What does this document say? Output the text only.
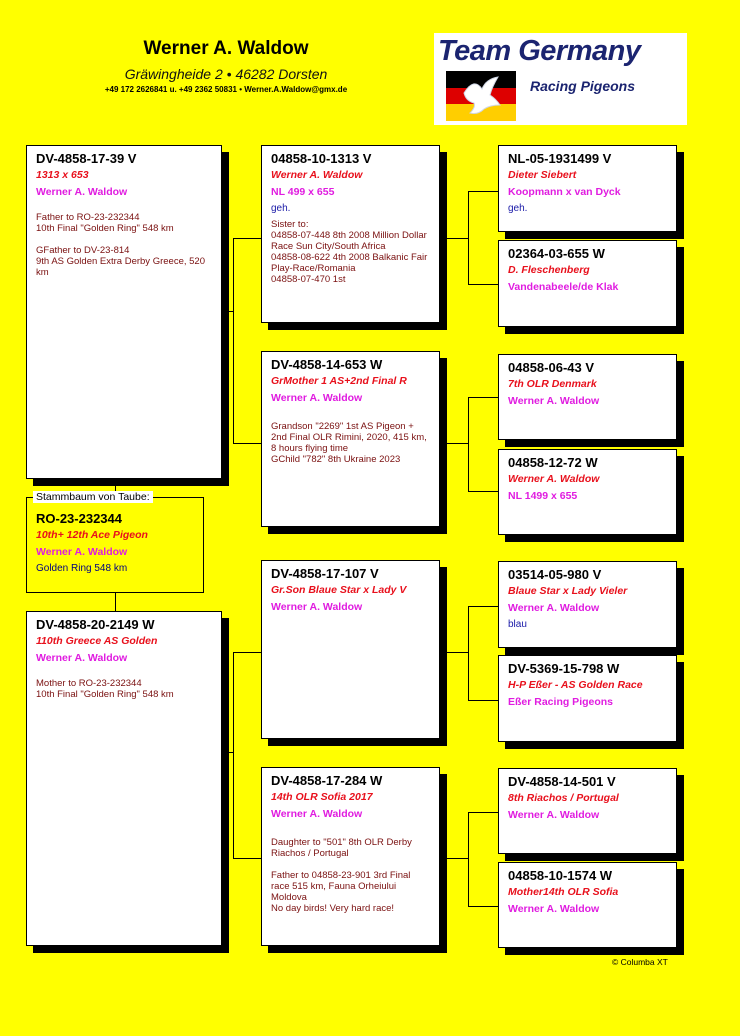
Werner A. Waldow
Gräwingheide 2 • 46282 Dorsten
+49 172 2626841 u. +49 2362 50831 • Werner.A.Waldow@gmx.de
Team Germany
Racing Pigeons
DV-4858-17-39 V
1313 x 653
Werner A. Waldow
Father to RO-23-232344
10th Final "Golden Ring" 548 km

GFather to DV-23-814
9th AS Golden Extra Derby Greece, 520 km
RO-23-232344
10th+ 12th Ace Pigeon
Werner A. Waldow
Golden Ring 548 km
Stammbaum von Taube:
DV-4858-20-2149 W
110th Greece AS Golden
Werner A. Waldow
Mother to RO-23-232344
10th Final "Golden Ring" 548 km
04858-10-1313 V
Werner A. Waldow
NL 499 x 655
geh.
Sister to:
04858-07-448 8th 2008 Million Dollar Race Sun City/South Africa
04858-08-622 4th 2008 Balkanic Fair Play-Race/Romania
04858-07-470 1st
DV-4858-14-653 W
GrMother 1 AS+2nd Final R
Werner A. Waldow
Grandson "2269" 1st AS Pigeon + 2nd Final OLR Rimini, 2020, 415 km, 8 hours flying time
GChild "782" 8th Ukraine 2023
DV-4858-17-107 V
Gr.Son Blaue Star x Lady V
Werner A. Waldow
DV-4858-17-284 W
14th OLR Sofia 2017
Werner A. Waldow
Daughter to "501" 8th OLR Derby Riachos / Portugal

Father to 04858-23-901 3rd Final race 515 km, Fauna Orheiului Moldova
No day birds! Very hard race!
NL-05-1931499 V
Dieter Siebert
Koopmann x van Dyck
geh.
02364-03-655 W
D. Fleschenberg
Vandenabeele/de Klak
04858-06-43 V
7th OLR Denmark
Werner A. Waldow
04858-12-72 W
Werner A. Waldow
NL 1499 x 655
03514-05-980 V
Blaue Star x Lady Vieler
Werner A. Waldow
blau
DV-5369-15-798 W
H-P Eßer - AS Golden Race
Eßer Racing Pigeons
DV-4858-14-501 V
8th Riachos / Portugal
Werner A. Waldow
04858-10-1574 W
Mother14th OLR Sofia
Werner A. Waldow
© Columba XT
